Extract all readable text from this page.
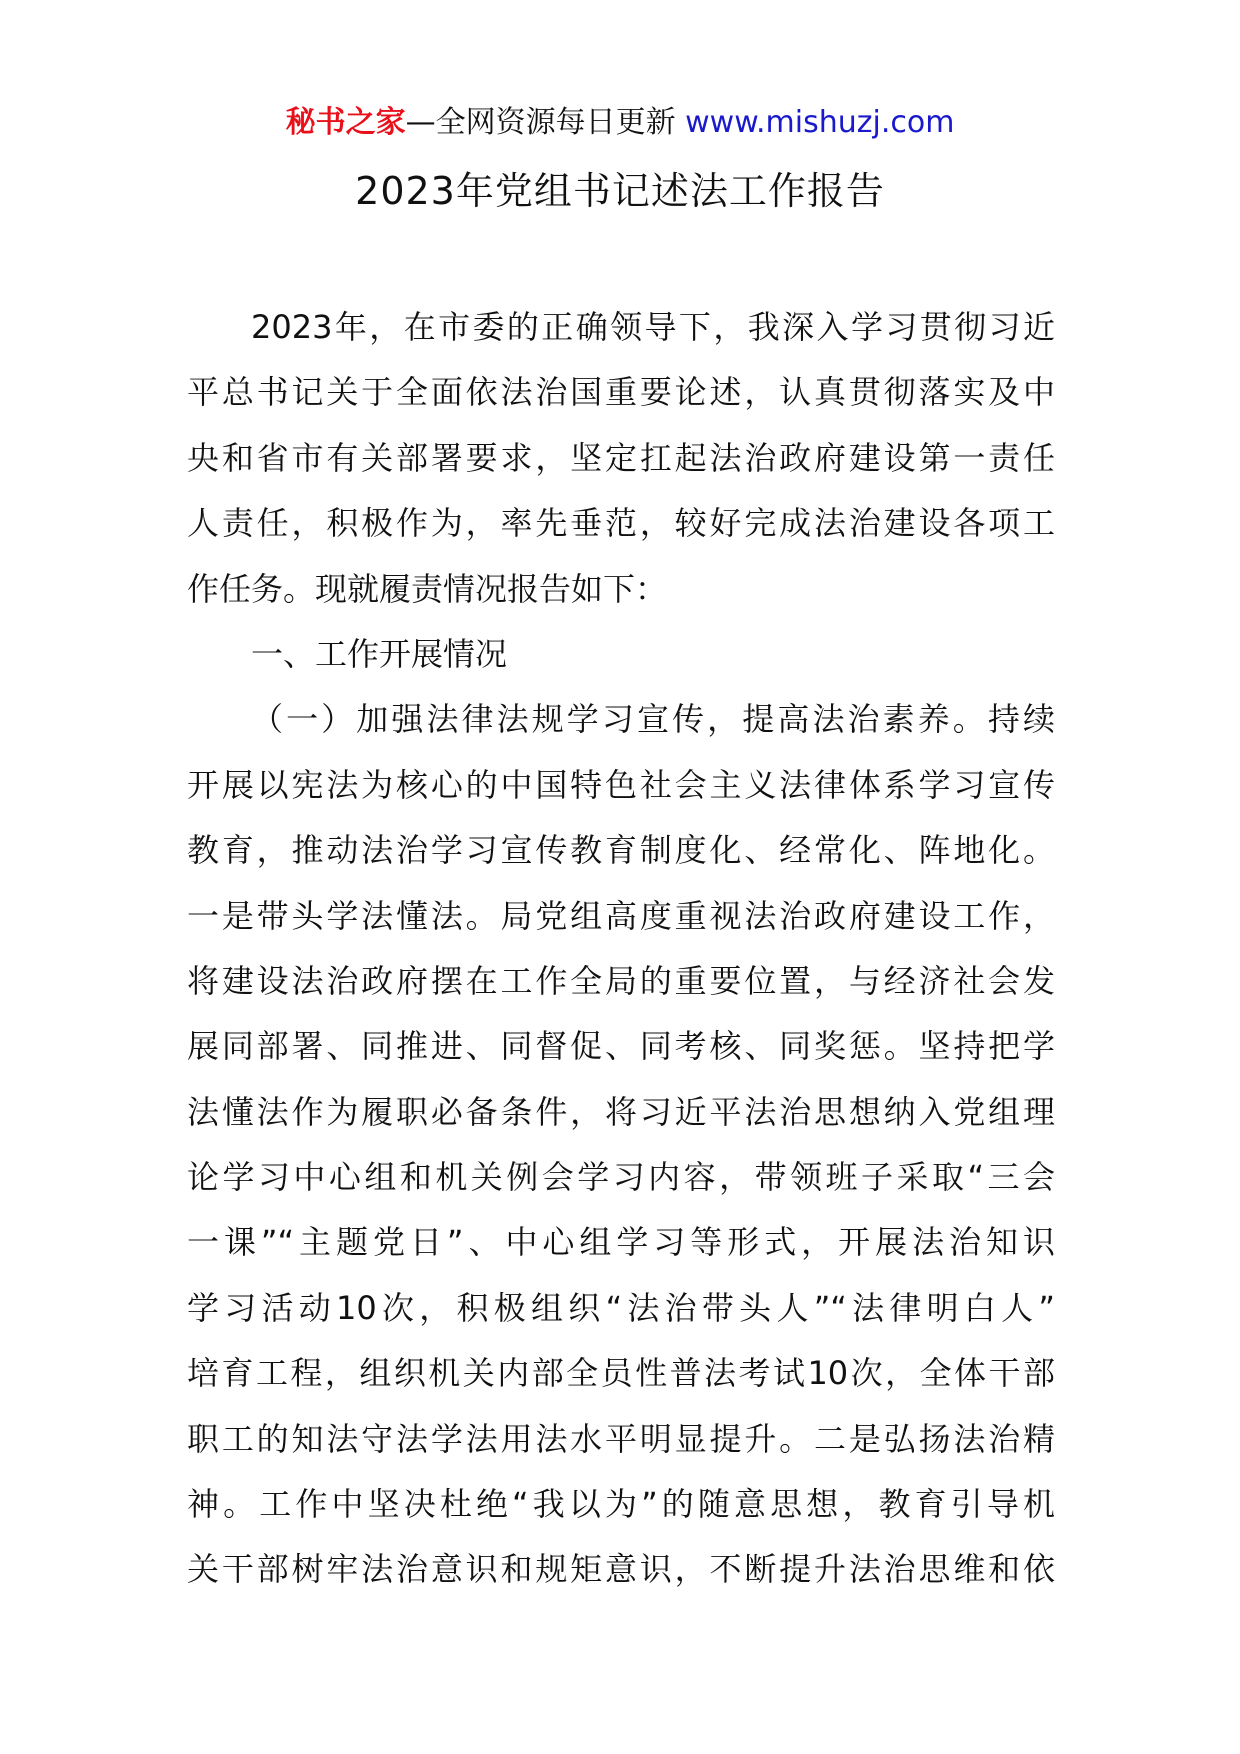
秘书之家—全网资源每日更新 www.mishuzj.com
2023年党组书记述法工作报告
2023年，在市委的正确领导下，我深入学习贯彻习近
平总书记关于全面依法治国重要论述，认真贯彻落实及中
央和省市有关部署要求，坚定扛起法治政府建设第一责任
人责任，积极作为，率先垂范，较好完成法治建设各项工
作任务。现就履责情况报告如下：
一、工作开展情况
（一）加强法律法规学习宣传，提高法治素养。持续
开展以宪法为核心的中国特色社会主义法律体系学习宣传
教育，推动法治学习宣传教育制度化、经常化、阵地化。
一是带头学法懂法。局党组高度重视法治政府建设工作，
将建设法治政府摆在工作全局的重要位置，与经济社会发
展同部署、同推进、同督促、同考核、同奖惩。坚持把学
法懂法作为履职必备条件，将习近平法治思想纳入党组理
论学习中心组和机关例会学习内容，带领班子采取“三会
一课”“主题党日”、中心组学习等形式，开展法治知识
学习活动10次，积极组织“法治带头人”“法律明白人”
培育工程，组织机关内部全员性普法考试10次，全体干部
职工的知法守法学法用法水平明显提升。二是弘扬法治精
神。工作中坚决杜绝“我以为”的随意思想，教育引导机
关干部树牢法治意识和规矩意识，不断提升法治思维和依
